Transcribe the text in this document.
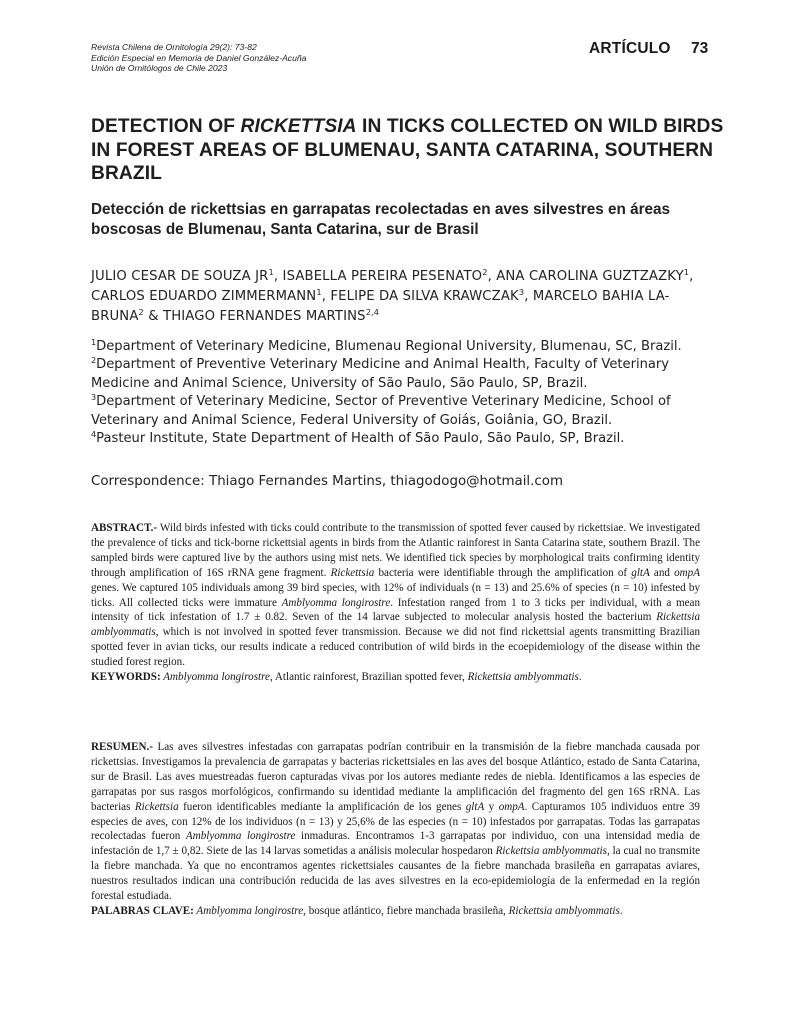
Revista Chilena de Ornitología 29(2): 73-82
Edición Especial en Memoria de Daniel González-Acuña
Unión de Ornitólogos de Chile 2023
ARTÍCULO 73
DETECTION OF RICKETTSIA IN TICKS COLLECTED ON WILD BIRDS IN FOREST AREAS OF BLUMENAU, SANTA CATARINA, SOUTHERN BRAZIL
Detección de rickettsias en garrapatas recolectadas en aves silvestres en áreas boscosas de Blumenau, Santa Catarina, sur de Brasil
JULIO CESAR DE SOUZA $JR^1$, ISABELLA PEREIRA PESENATO$^2$, ANA CAROLINA GUZTZAZKY$^1$, CARLOS EDUARDO ZIMMERMANN$^1$, FELIPE DA SILVA KRAWCZAK$^3$, MARCELO BAHIA LA-BRUNA$^2$ & THIAGO FERNANDES MARTINS$^{2,4}$
$^1$Department of Veterinary Medicine, Blumenau Regional University, Blumenau, SC, Brazil.
$^2$Department of Preventive Veterinary Medicine and Animal Health, Faculty of Veterinary Medicine and Animal Science, University of São Paulo, São Paulo, SP, Brazil.
$^3$Department of Veterinary Medicine, Sector of Preventive Veterinary Medicine, School of Veterinary and Animal Science, Federal University of Goiás, Goiânia, GO, Brazil.
$^4$Pasteur Institute, State Department of Health of São Paulo, São Paulo, SP, Brazil.
Correspondence: Thiago Fernandes Martins, thiagodogo@hotmail.com
ABSTRACT.- Wild birds infested with ticks could contribute to the transmission of spotted fever caused by rickettsiae. We investigated the prevalence of ticks and tick-borne rickettsial agents in birds from the Atlantic rainforest in Santa Catarina state, southern Brazil. The sampled birds were captured live by the authors using mist nets. We identified tick species by morphological traits confirming identity through amplification of 16S rRNA gene fragment. Rickettsia bacteria were identifiable through the amplification of gltA and ompA genes. We captured 105 individuals among 39 bird species, with 12% of individuals (n = 13) and 25.6% of species (n = 10) infested by ticks. All collected ticks were immature Amblyomma longirostre. Infestation ranged from 1 to 3 ticks per individual, with a mean intensity of tick infestation of 1.7 ± 0.82. Seven of the 14 larvae subjected to molecular analysis hosted the bacterium Rickettsia amblyommatis, which is not involved in spotted fever transmission. Because we did not find rickettsial agents transmitting Brazilian spotted fever in avian ticks, our results indicate a reduced contribution of wild birds in the ecoepidemiology of the disease within the studied forest region.
KEYWORDS: Amblyomma longirostre, Atlantic rainforest, Brazilian spotted fever, Rickettsia amblyommatis.
RESUMEN.- Las aves silvestres infestadas con garrapatas podrían contribuir en la transmisión de la fiebre manchada causada por rickettsias. Investigamos la prevalencia de garrapatas y bacterias rickettsiales en las aves del bosque Atlántico, estado de Santa Catarina, sur de Brasil. Las aves muestreadas fueron capturadas vivas por los autores mediante redes de niebla. Identificamos a las especies de garrapatas por sus rasgos morfológicos, confirmando su identidad mediante la amplificación del fragmento del gen 16S rRNA. Las bacterias Rickettsia fueron identificables mediante la amplificación de los genes gltA y ompA. Capturamos 105 individuos entre 39 especies de aves, con 12% de los individuos (n = 13) y 25,6% de las especies (n = 10) infestados por garrapatas. Todas las garrapatas recolectadas fueron Amblyomma longirostre inmaduras. Encontramos 1-3 garrapatas por individuo, con una intensidad media de infestación de 1,7 ± 0,82. Siete de las 14 larvas sometidas a análisis molecular hospedaron Rickettsia amblyommatis, la cual no transmite la fiebre manchada. Ya que no encontramos agentes rickettsiales causantes de la fiebre manchada brasileña en garrapatas aviares, nuestros resultados indican una contribución reducida de las aves silvestres en la eco-epidemiología de la enfermedad en la región forestal estudiada.
PALABRAS CLAVE: Amblyomma longirostre, bosque atlántico, fiebre manchada brasileña, Rickettsia amblyommatis.
